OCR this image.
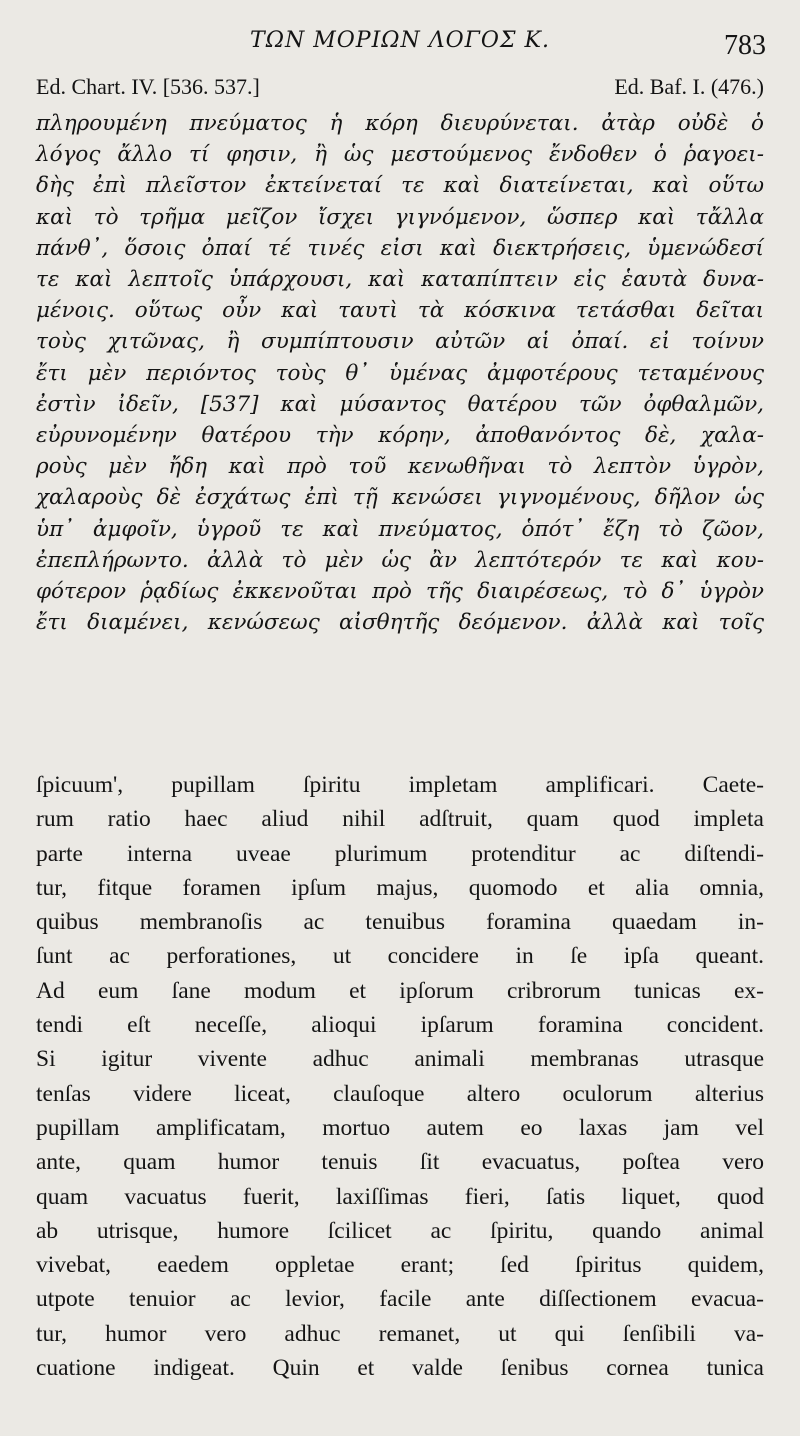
ΤΩΝ ΜΟΡΙΩΝ ΛΟΓΟΣ Κ.	783
Ed. Chart. IV. [536. 537.]	Ed. Baf. I. (476.)
πληρουμένη πνεύματος ἡ κόρη διευρύνεται. ἀτὰρ οὐδὲ ὁ
λόγος ἄλλο τί φησιν, ἢ ὡς μεστούμενος ἔνδοθεν ὁ ῥαγοει-
δὴς ἐπὶ πλεῖστον ἐκτείνεταί τε καὶ διατείνεται, καὶ οὕτω
καὶ τὸ τρῆμα μεῖζον ἴσχει γιγνόμενον, ὥσπερ καὶ τἄλλα
πάνθ᾽, ὅσοις ὀπαί τέ τινές εἰσι καὶ διεκτρήσεις, ὑμενώδεσί
τε καὶ λεπτοῖς ὑπάρχουσι, καὶ καταπίπτειν εἰς ἑαυτὰ δυνα-
μένοις. οὕτως οὖν καὶ ταυτὶ τὰ κόσκινα τετάσθαι δεῖται
τοὺς χιτῶνας, ἢ συμπίπτουσιν αὐτῶν αἱ ὀπαί. εἰ τοίνυν
ἔτι μὲν περιόντος τοὺς θ᾽ ὑμένας ἀμφοτέρους τεταμένους
ἐστὶν ἰδεῖν, [537] καὶ μύσαντος θατέρου τῶν ὀφθαλμῶν,
εὐρυνομένην θατέρου τὴν κόρην, ἀποθανόντος δὲ, χαλα-
ροὺς μὲν ἤδη καὶ πρὸ τοῦ κενωθῆναι τὸ λεπτὸν ὑγρὸν,
χαλαροὺς δὲ ἐσχάτως ἐπὶ τῇ κενώσει γιγνομένους, δῆλον ὡς
ὑπ᾽ ἀμφοῖν, ὑγροῦ τε καὶ πνεύματος, ὁπότ᾽ ἔζη τὸ ζῶον,
ἐπεπλήρωντο. ἀλλὰ τὸ μὲν ὡς ἂν λεπτότερόν τε καὶ κου-
φότερον ῥᾳδίως ἐκκενοῦται πρὸ τῆς διαιρέσεως, τὸ δ᾽ ὑγρὸν
ἔτι διαμένει, κενώσεως αἰσθητῆς δεόμενον. ἀλλὰ καὶ τοῖς
ſpicuum', pupillam ſpiritu impletam amplificari. Caete-
rum ratio haec aliud nihil adſtruit, quam quod impleta
parte interna uveae plurimum protenditur ac diſtendi-
tur, fitque foramen ipſum majus, quomodo et alia omnia,
quibus membranoſis ac tenuibus foramina quaedam in-
ſunt ac perforationes, ut concidere in ſe ipſa queant.
Ad eum ſane modum et ipſorum cribrorum tunicas ex-
tendi eſt neceſſe, alioqui ipſarum foramina concident.
Si igitur vivente adhuc animali membranas utrasque
tenſas videre liceat, clauſoque altero oculorum alterius
pupillam amplificatam, mortuo autem eo laxas jam vel
ante, quam humor tenuis ſit evacuatus, poſtea vero
quam vacuatus fuerit, laxiſſimas fieri, ſatis liquet, quod
ab utrisque, humore ſcilicet ac ſpiritu, quando animal
vivebat, eaedem oppletae erant; ſed ſpiritus quidem,
utpote tenuior ac levior, facile ante diſſectionem evacua-
tur, humor vero adhuc remanet, ut qui ſenſibili va-
cuatione indigeat. Quin et valde ſenibus cornea tunica
